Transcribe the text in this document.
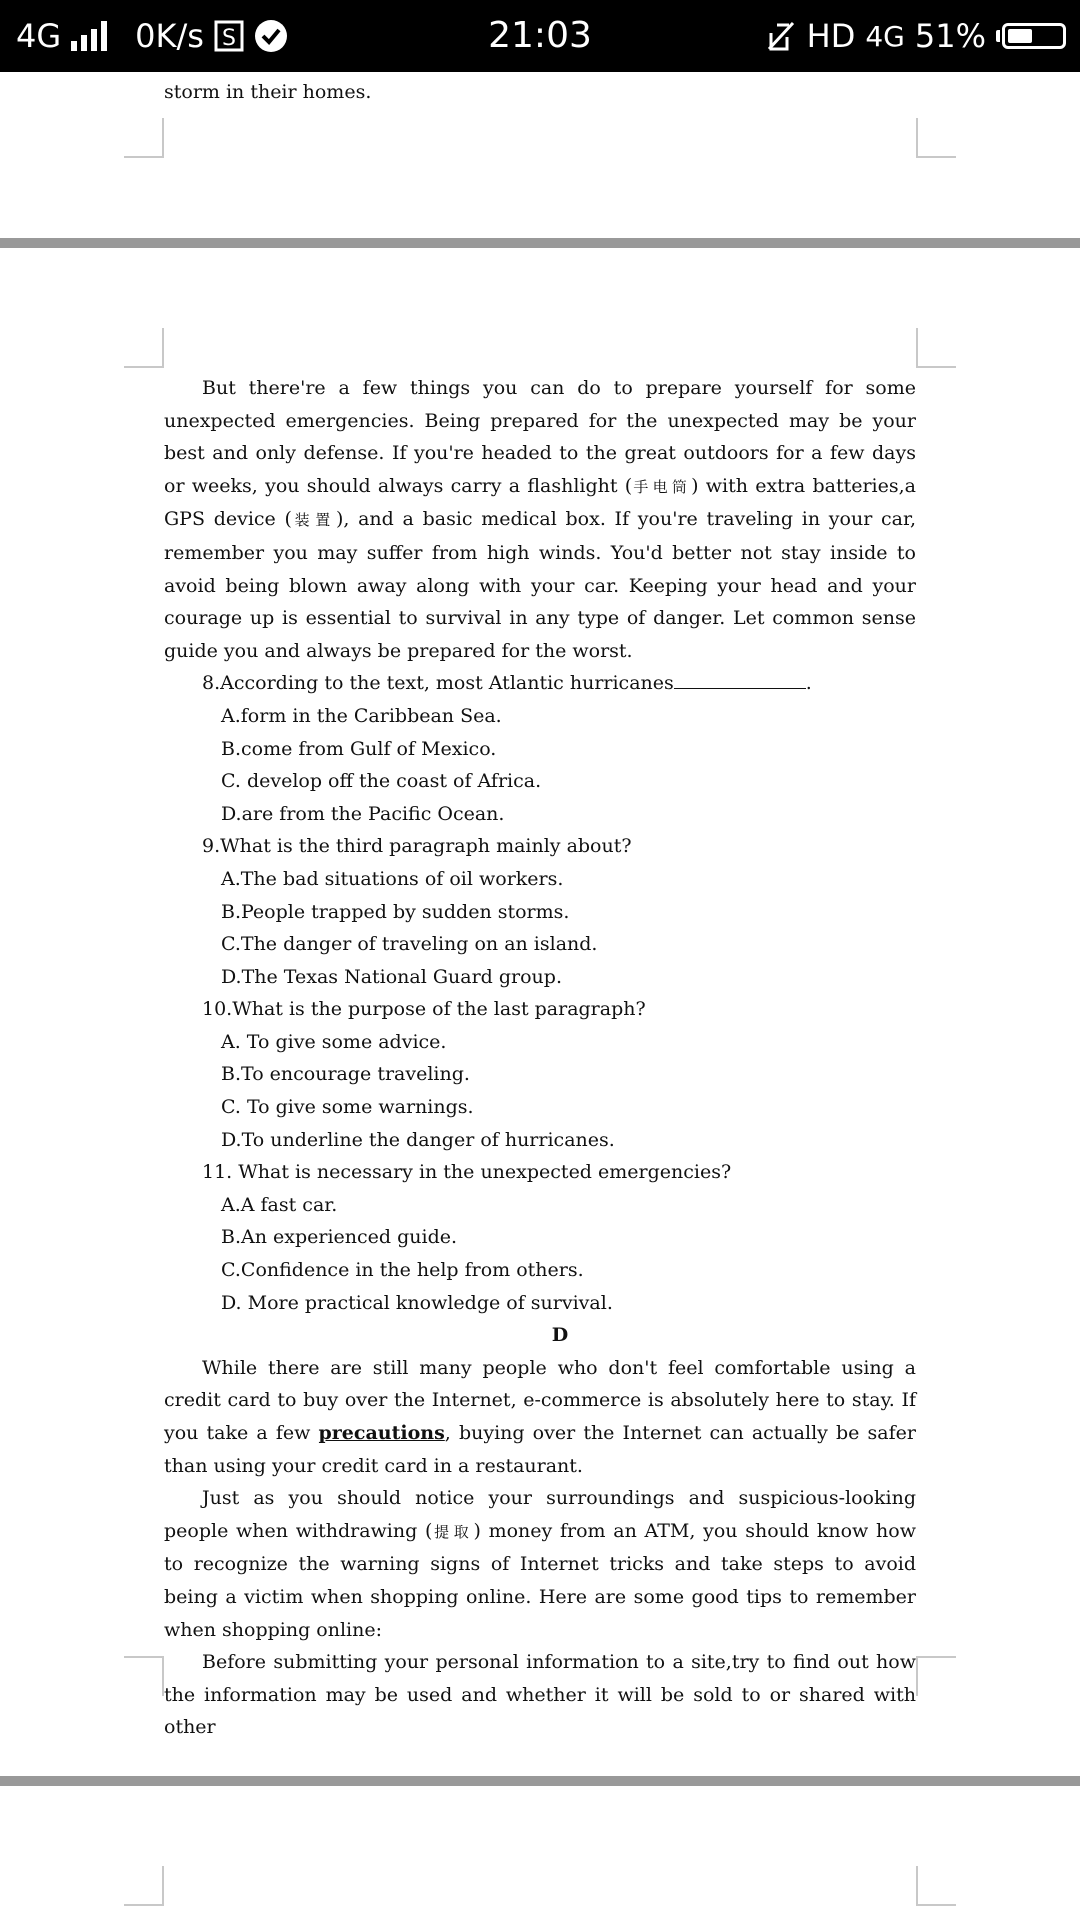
4G 0K/s S	21:03	HD 4G 51%

storm in their homes.

But there're a few things you can do to prepare yourself for some unexpected emergencies. Being prepared for the unexpected may be your best and only defense. If you're headed to the great outdoors for a few days or weeks, you should always carry a flashlight (手电筒) with extra batteries,a GPS device (装置), and a basic medical box. If you're traveling in your car, remember you may suffer from high winds. You'd better not stay inside to avoid being blown away along with your car. Keeping your head and your courage up is essential to survival in any type of danger. Let common sense guide you and always be prepared for the worst.

8.According to the text, most Atlantic hurricanes	.

A.form in the Caribbean Sea.

B.come from Gulf of Mexico.

C. develop off the coast of Africa.

D.are from the Pacific Ocean.

9.What is the third paragraph mainly about?

A.The bad situations of oil workers.

B.People trapped by sudden storms.

C.The danger of traveling on an island.

D.The Texas National Guard group.

10.What is the purpose of the last paragraph?

A. To give some advice.

B.To encourage traveling.

C. To give some warnings.

D.To underline the danger of hurricanes.

11. What is necessary in the unexpected emergencies?

A.A fast car.

B.An experienced guide.

C.Confidence in the help from others.

D. More practical knowledge of survival.

D

While there are still many people who don't feel comfortable using a credit card to buy over the Internet, e-commerce is absolutely here to stay. If you take a few precautions, buying over the Internet can actually be safer than using your credit card in a restaurant.

Just as you should notice your surroundings and suspicious-looking people when withdrawing (提取) money from an ATM, you should know how to recognize the warning signs of Internet tricks and take steps to avoid being a victim when shopping online. Here are some good tips to remember when shopping online:

Before submitting your personal information to a site,try to find out how the information may be used and whether it will be sold to or shared with other
